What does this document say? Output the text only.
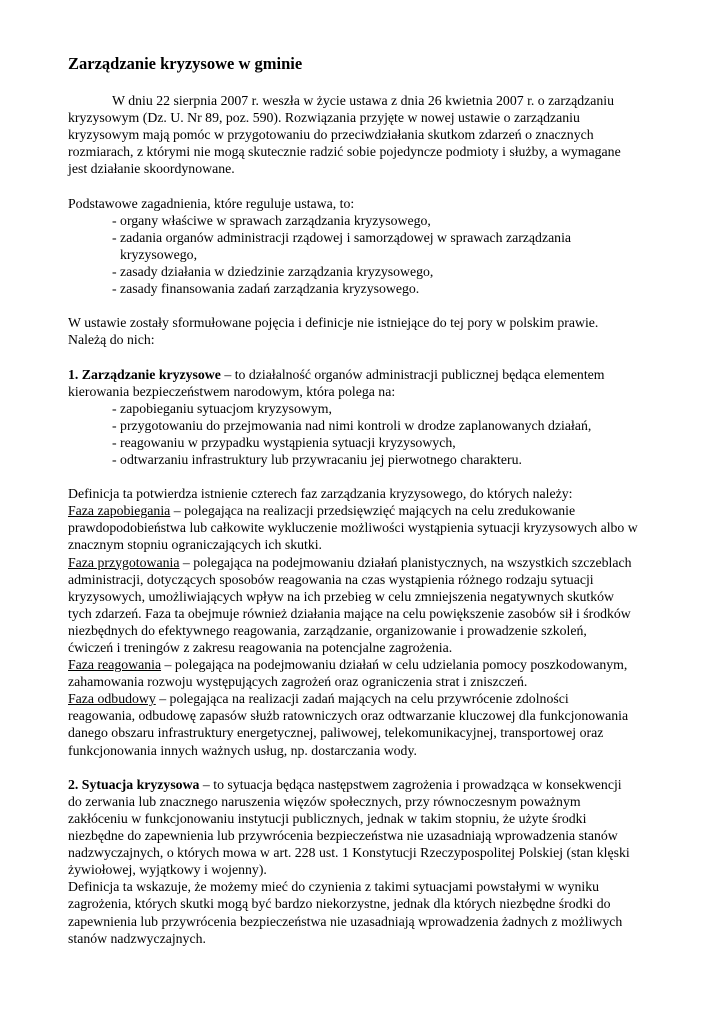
Zarządzanie kryzysowe w gminie
W dniu 22 sierpnia 2007 r. weszła w życie ustawa z dnia 26 kwietnia 2007 r. o zarządzaniu
kryzysowym (Dz. U. Nr 89, poz. 590). Rozwiązania przyjęte w nowej ustawie o zarządzaniu
kryzysowym mają pomóc w przygotowaniu do przeciwdziałania skutkom zdarzeń o znacznych
rozmiarach, z którymi nie mogą skutecznie radzić sobie pojedyncze podmioty i służby, a wymagane
jest działanie skoordynowane.
Podstawowe zagadnienia, które reguluje ustawa, to:
- organy właściwe w sprawach zarządzania kryzysowego,
- zadania organów administracji rządowej i samorządowej w sprawach zarządzania
kryzysowego,
- zasady działania w dziedzinie zarządzania kryzysowego,
- zasady finansowania zadań zarządzania kryzysowego.
W ustawie zostały sformułowane pojęcia i definicje nie istniejące do tej pory w polskim prawie.
Należą do nich:
1. Zarządzanie kryzysowe – to działalność organów administracji publicznej będąca elementem
kierowania bezpieczeństwem narodowym, która polega na:
- zapobieganiu sytuacjom kryzysowym,
- przygotowaniu do przejmowania nad nimi kontroli w drodze zaplanowanych działań,
- reagowaniu w przypadku wystąpienia sytuacji kryzysowych,
- odtwarzaniu infrastruktury lub przywracaniu jej pierwotnego charakteru.
Definicja ta potwierdza istnienie czterech faz zarządzania kryzysowego, do których należy:
Faza zapobiegania – polegająca na realizacji przedsięwzięć mających na celu zredukowanie
prawdopodobieństwa lub całkowite wykluczenie możliwości wystąpienia sytuacji kryzysowych albo w
znacznym stopniu ograniczających ich skutki.
Faza przygotowania – polegająca na podejmowaniu działań planistycznych, na wszystkich szczeblach
administracji, dotyczących sposobów reagowania na czas wystąpienia różnego rodzaju sytuacji
kryzysowych, umożliwiających wpływ na ich przebieg w celu zmniejszenia negatywnych skutków
tych zdarzeń. Faza ta obejmuje również działania mające na celu powiększenie zasobów sił i środków
niezbędnych do efektywnego reagowania, zarządzanie, organizowanie i prowadzenie szkoleń,
ćwiczeń i treningów z zakresu reagowania na potencjalne zagrożenia.
Faza reagowania – polegająca na podejmowaniu działań w celu udzielania pomocy poszkodowanym,
zahamowania rozwoju występujących zagrożeń oraz ograniczenia strat i zniszczeń.
Faza odbudowy – polegająca na realizacji zadań mających na celu przywrócenie zdolności
reagowania, odbudowę zapasów służb ratowniczych oraz odtwarzanie kluczowej dla funkcjonowania
danego obszaru infrastruktury energetycznej, paliwowej, telekomunikacyjnej, transportowej oraz
funkcjonowania innych ważnych usług, np. dostarczania wody.
2. Sytuacja kryzysowa – to sytuacja będąca następstwem zagrożenia i prowadząca w konsekwencji
do zerwania lub znacznego naruszenia więzów społecznych, przy równoczesnym poważnym
zakłóceniu w funkcjonowaniu instytucji publicznych, jednak w takim stopniu, że użyte środki
niezbędne do zapewnienia lub przywrócenia bezpieczeństwa nie uzasadniają wprowadzenia stanów
nadzwyczajnych, o których mowa w art. 228 ust. 1 Konstytucji Rzeczypospolitej Polskiej (stan klęski
żywiołowej, wyjątkowy i wojenny).
Definicja ta wskazuje, że możemy mieć do czynienia z takimi sytuacjami powstałymi w wyniku
zagrożenia, których skutki mogą być bardzo niekorzystne, jednak dla których niezbędne środki do
zapewnienia lub przywrócenia bezpieczeństwa nie uzasadniają wprowadzenia żadnych z możliwych
stanów nadzwyczajnych.
